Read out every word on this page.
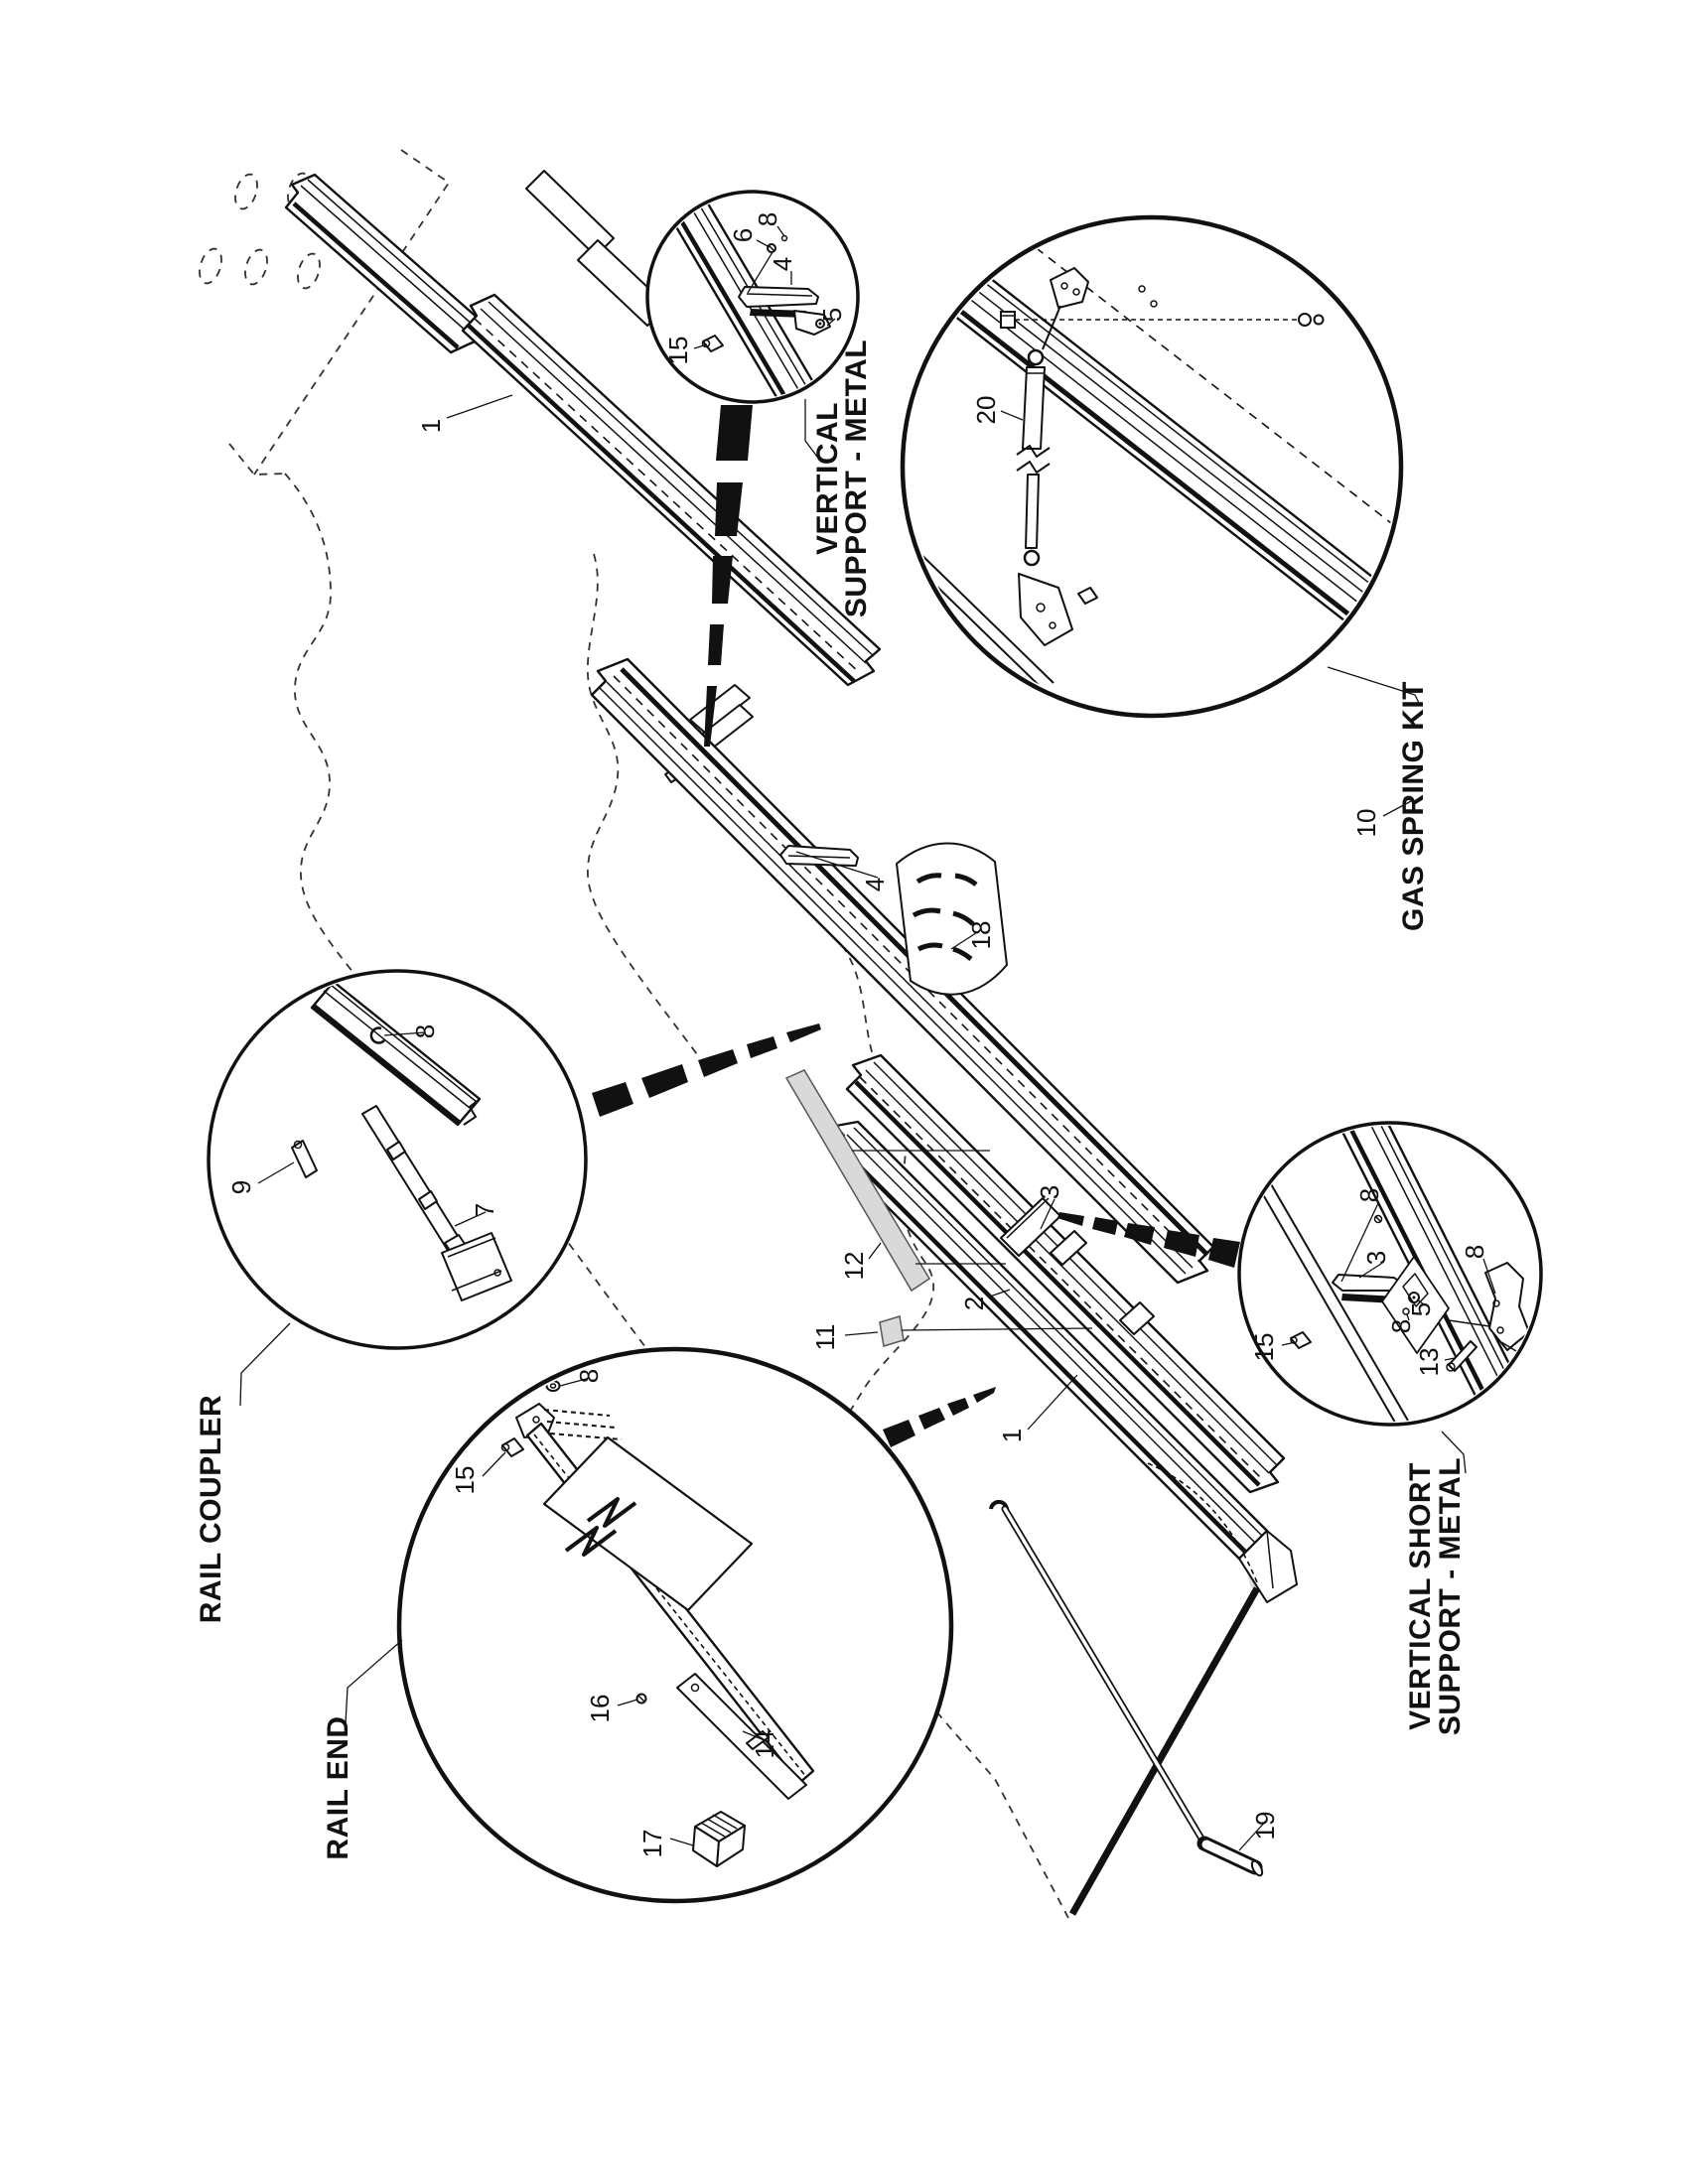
1
4
18
3
12
2
11
1
19
8
6
4
5
15
20
10
8
9
7
8
15
16
14
17
8
3
5
8
8
15
13
VERTICAL
SUPPORT - METAL
GAS SPRING KIT
RAIL COUPLER
RAIL END
VERTICAL SHORT
SUPPORT - METAL
